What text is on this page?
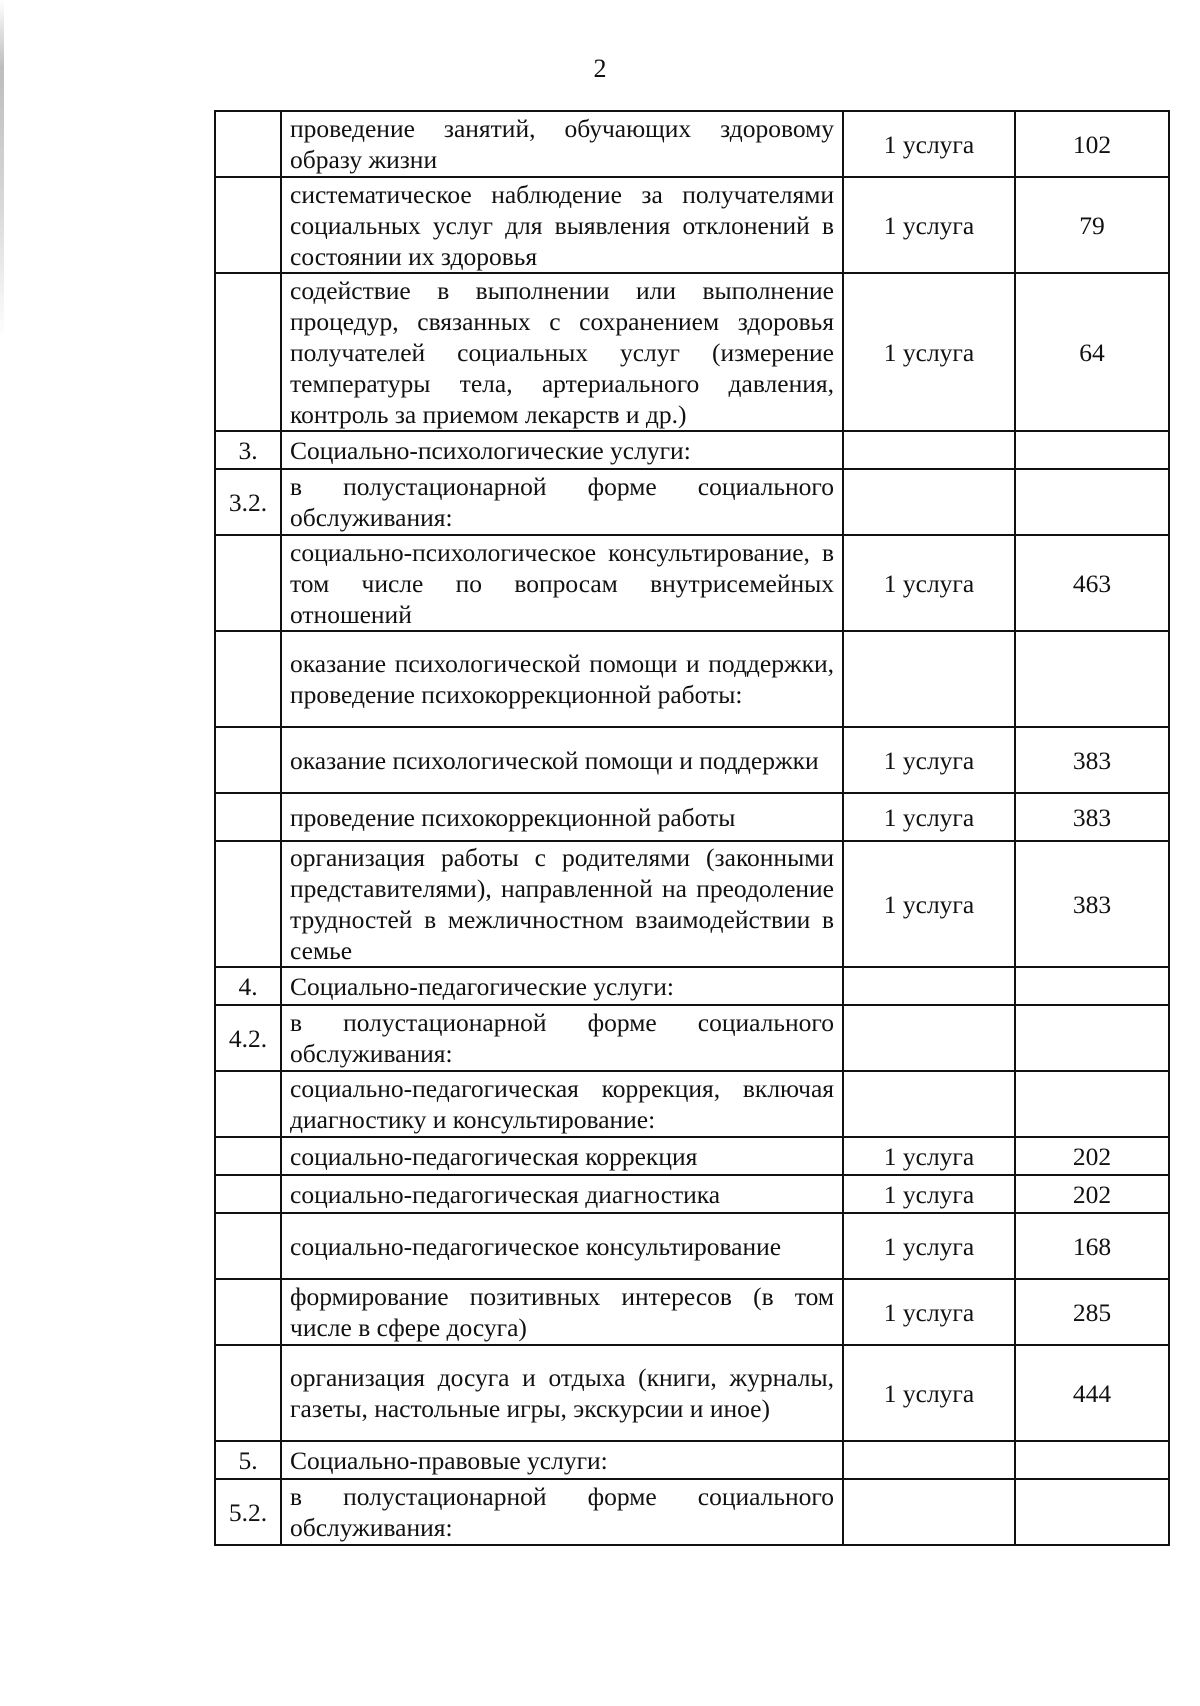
2
	проведение занятий, обучающих здоровому образу жизни	1 услуга	102
	систематическое наблюдение за получателями социальных услуг для выявления отклонений в состоянии их здоровья	1 услуга	79
	содействие в выполнении или выполнение процедур, связанных с сохранением здоровья получателей социальных услуг (измерение температуры тела, артериального давления, контроль за приемом лекарств и др.)	1 услуга	64
3.	Социально-психологические услуги:		
3.2.	в полустационарной форме социального обслуживания:		
	социально-психологическое консультирование, в том числе по вопросам внутрисемейных отношений	1 услуга	463
	оказание психологической помощи и поддержки, проведение психокоррекционной работы:		
	оказание психологической помощи и поддержки	1 услуга	383
	проведение психокоррекционной работы	1 услуга	383
	организация работы с родителями (законными представителями), направленной на преодоление трудностей в межличностном взаимодействии в семье	1 услуга	383
4.	Социально-педагогические услуги:		
4.2.	в полустационарной форме социального обслуживания:		
	социально-педагогическая коррекция, включая диагностику и консультирование:		
	социально-педагогическая коррекция	1 услуга	202
	социально-педагогическая диагностика	1 услуга	202
	социально-педагогическое консультирование	1 услуга	168
	формирование позитивных интересов (в том числе в сфере досуга)	1 услуга	285
	организация досуга и отдыха (книги, журналы, газеты, настольные игры, экскурсии и иное)	1 услуга	444
5.	Социально-правовые услуги:		
5.2.	в полустационарной форме социального обслуживания:		
